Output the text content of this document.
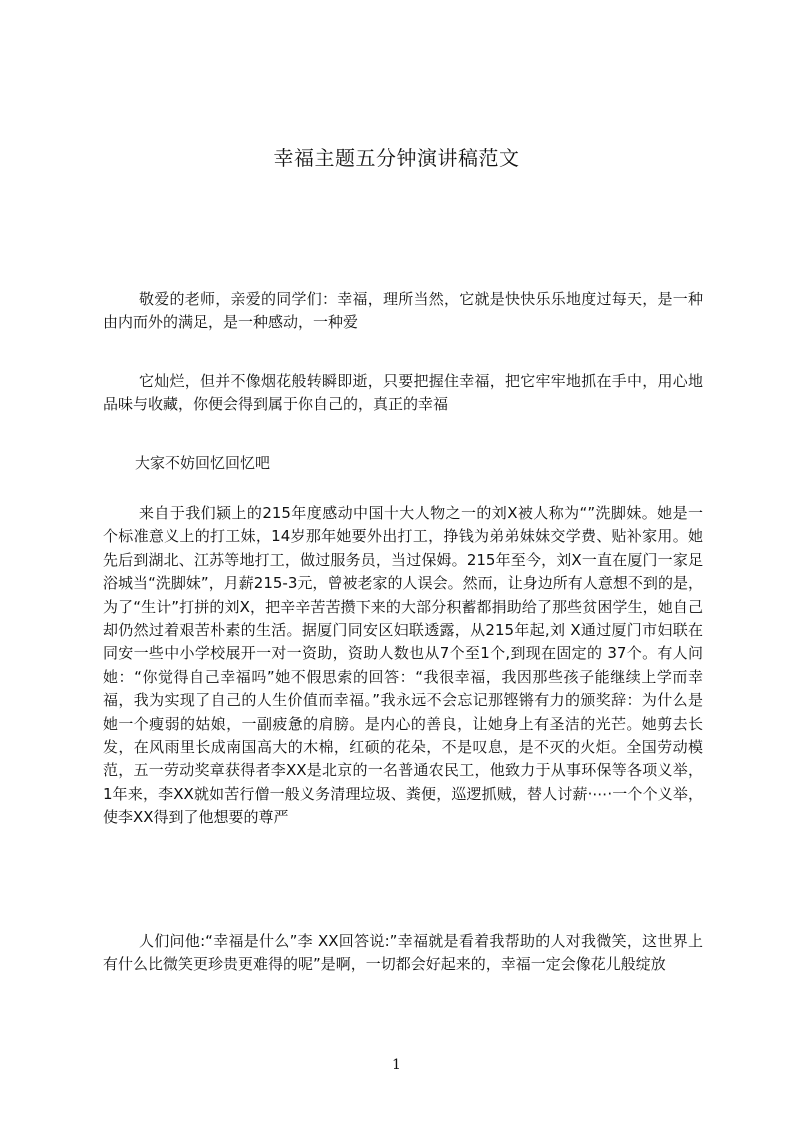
幸福主题五分钟演讲稿范文

敬爱的老师，亲爱的同学们：幸福，理所当然，它就是快快乐乐地度过每天，是一种由内而外的满足，是一种感动，一种爱

它灿烂，但并不像烟花般转瞬即逝，只要把握住幸福，把它牢牢地抓在手中，用心地品味与收藏，你便会得到属于你自己的，真正的幸福

大家不妨回忆回忆吧

来自于我们颍上的215年度感动中国十大人物之一的刘X被人称为“”洗脚妹。她是一个标准意义上的打工妹，14岁那年她要外出打工，挣钱为弟弟妹妹交学费、贴补家用。她先后到湖北、江苏等地打工，做过服务员，当过保姆。215年至今，刘X一直在厦门一家足浴城当“洗脚妹”，月薪215-3元，曾被老家的人误会。然而，让身边所有人意想不到的是，为了“生计”打拼的刘X，把辛辛苦苦攒下来的大部分积蓄都捐助给了那些贫困学生，她自己却仍然过着艰苦朴素的生活。据厦门同安区妇联透露，从215年起,刘 X通过厦门市妇联在同安一些中小学校展开一对一资助，资助人数也从7个至1个,到现在固定的 37个。有人问她：“你觉得自己幸福吗”她不假思索的回答：“我很幸福，我因那些孩子能继续上学而幸福，我为实现了自己的人生价值而幸福。”我永远不会忘记那铿锵有力的颁奖辞：为什么是她一个瘦弱的姑娘，一副疲惫的肩膀。是内心的善良，让她身上有圣洁的光芒。她剪去长发，在风雨里长成南国高大的木棉，红硕的花朵，不是叹息，是不灭的火炬。全国劳动模范，五一劳动奖章获得者李XX是北京的一名普通农民工，他致力于从事环保等各项义举，1年来，李XX就如苦行僧一般义务清理垃圾、粪便，巡逻抓贼，替人讨薪·⋯·一个个义举，使李XX得到了他想要的尊严

人们问他:“幸福是什么”李 XX回答说:”幸福就是看着我帮助的人对我微笑，这世界上有什么比微笑更珍贵更难得的呢”是啊，一切都会好起来的，幸福一定会像花儿般绽放

1
